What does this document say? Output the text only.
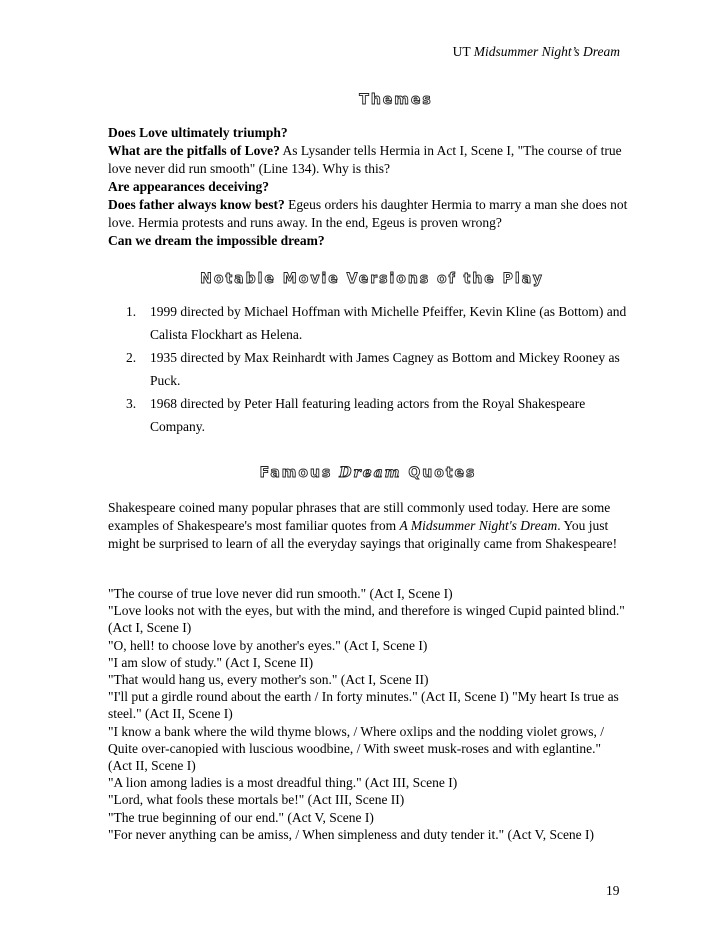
UT Midsummer Night’s Dream
Themes

Does Love ultimately triumph?

What are the pitfalls of Love? As Lysander tells Hermia in Act I, Scene I, "The course of true love never did run smooth" (Line 134). Why is this?

Are appearances deceiving?

Does father always know best? Egeus orders his daughter Hermia to marry a man she does not love. Hermia protests and runs away. In the end, Egeus is proven wrong?

Can we dream the impossible dream?

Notable Movie Versions of the Play
1. 1999 directed by Michael Hoffman with Michelle Pfeiffer, Kevin Kline (as Bottom) and Calista Flockhart as Helena.
2. 1935 directed by Max Reinhardt with James Cagney as Bottom and Mickey Rooney as Puck.
3. 1968 directed by Peter Hall featuring leading actors from the Royal Shakespeare Company.
Famous Dream Quotes

Shakespeare coined many popular phrases that are still commonly used today. Here are some examples of Shakespeare's most familiar quotes from A Midsummer Night's Dream. You just might be surprised to learn of all the everyday sayings that originally came from Shakespeare!

"The course of true love never did run smooth." (Act I, Scene I)

"Love looks not with the eyes, but with the mind, and therefore is winged Cupid painted blind." (Act I, Scene I)

"O, hell! to choose love by another's eyes." (Act I, Scene I)

"I am slow of study." (Act I, Scene II)

"That would hang us, every mother's son." (Act I, Scene II)

"I'll put a girdle round about the earth / In forty minutes." (Act II, Scene I) "My heart Is true as steel." (Act II, Scene I)

"I know a bank where the wild thyme blows, / Where oxlips and the nodding violet grows, / Quite over-canopied with luscious woodbine, / With sweet musk-roses and with eglantine." (Act II, Scene I)

"A lion among ladies is a most dreadful thing." (Act III, Scene I)

"Lord, what fools these mortals be!" (Act III, Scene II)

"The true beginning of our end." (Act V, Scene I)

"For never anything can be amiss, / When simpleness and duty tender it." (Act V, Scene I)

19
